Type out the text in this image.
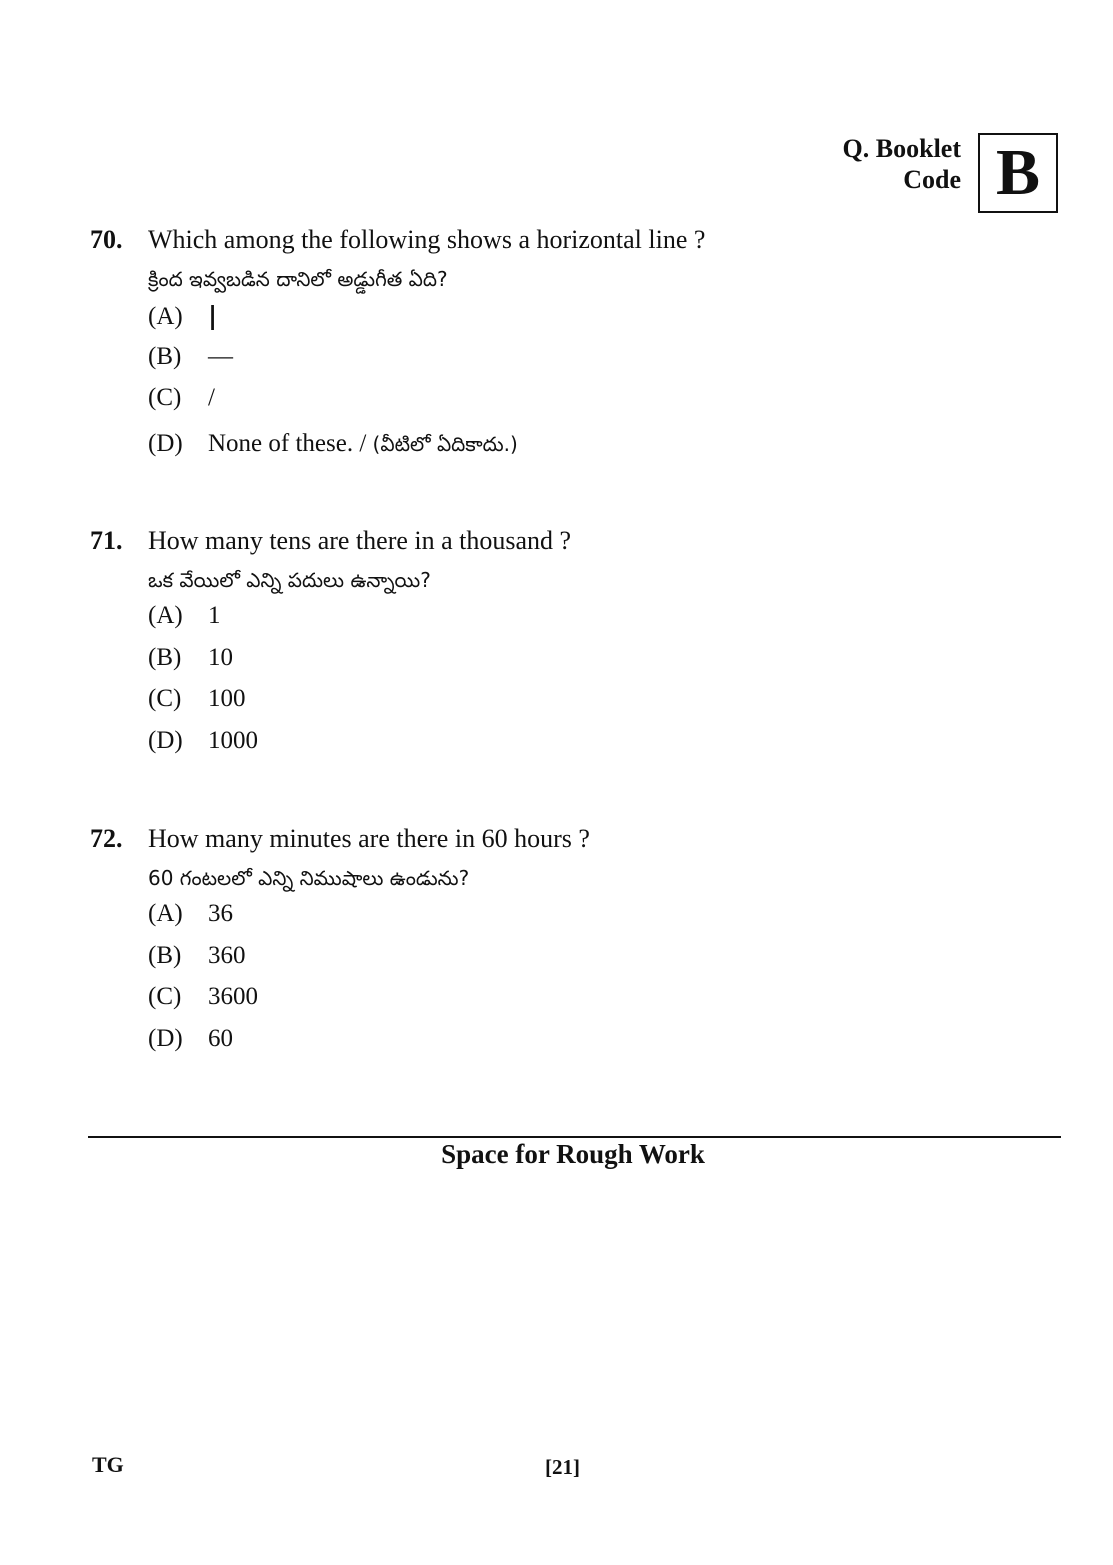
Q. Booklet
Code B
70. Which among the following shows a horizontal line ?
క్రింద ఇవ్వబడిన దానిలో అడ్డుగీత ఏది?
(A)	|
(B)	—
(C)	/
(D)	None of these. / (వీటిలో ఏదికాదు.)
71. How many tens are there in a thousand ?
ఒక వేయిలో ఎన్ని పదులు ఉన్నాయి?
(A)	1
(B)	10
(C)	100
(D)	1000
72. How many minutes are there in 60 hours ?
60 గంటలలో ఎన్ని నిముషాలు ఉండును?
(A)	36
(B)	360
(C)	3600
(D)	60
Space for Rough Work
TG	[21]
